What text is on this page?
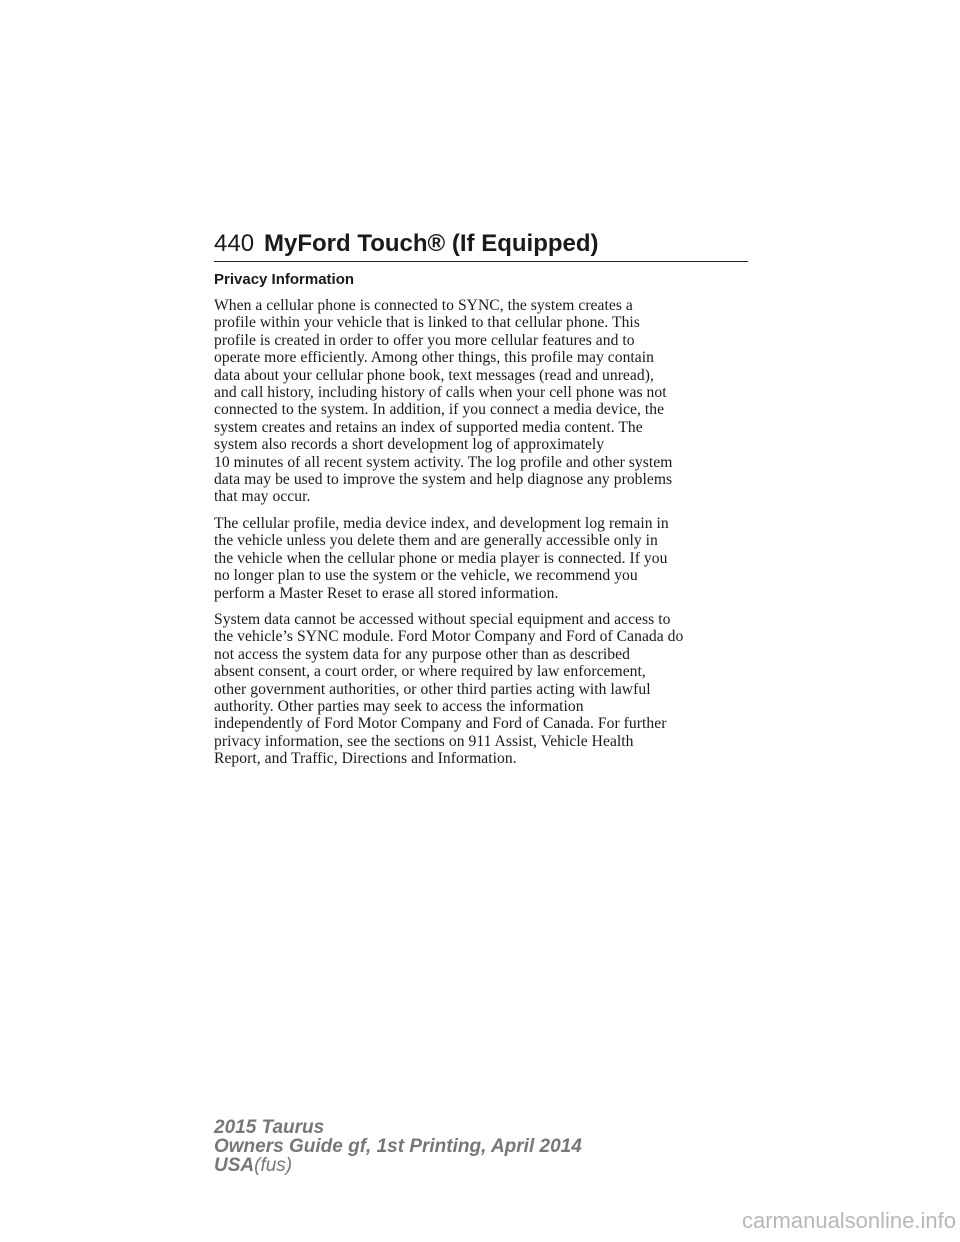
440 MyFord Touch® (If Equipped)
Privacy Information
When a cellular phone is connected to SYNC, the system creates a
profile within your vehicle that is linked to that cellular phone. This
profile is created in order to offer you more cellular features and to
operate more efficiently. Among other things, this profile may contain
data about your cellular phone book, text messages (read and unread),
and call history, including history of calls when your cell phone was not
connected to the system. In addition, if you connect a media device, the
system creates and retains an index of supported media content. The
system also records a short development log of approximately
10 minutes of all recent system activity. The log profile and other system
data may be used to improve the system and help diagnose any problems
that may occur.
The cellular profile, media device index, and development log remain in
the vehicle unless you delete them and are generally accessible only in
the vehicle when the cellular phone or media player is connected. If you
no longer plan to use the system or the vehicle, we recommend you
perform a Master Reset to erase all stored information.
System data cannot be accessed without special equipment and access to
the vehicle’s SYNC module. Ford Motor Company and Ford of Canada do
not access the system data for any purpose other than as described
absent consent, a court order, or where required by law enforcement,
other government authorities, or other third parties acting with lawful
authority. Other parties may seek to access the information
independently of Ford Motor Company and Ford of Canada. For further
privacy information, see the sections on 911 Assist, Vehicle Health
Report, and Traffic, Directions and Information.
2015 Taurus
Owners Guide gf, 1st Printing, April 2014
USA(fus)
carmanualsonline.info
